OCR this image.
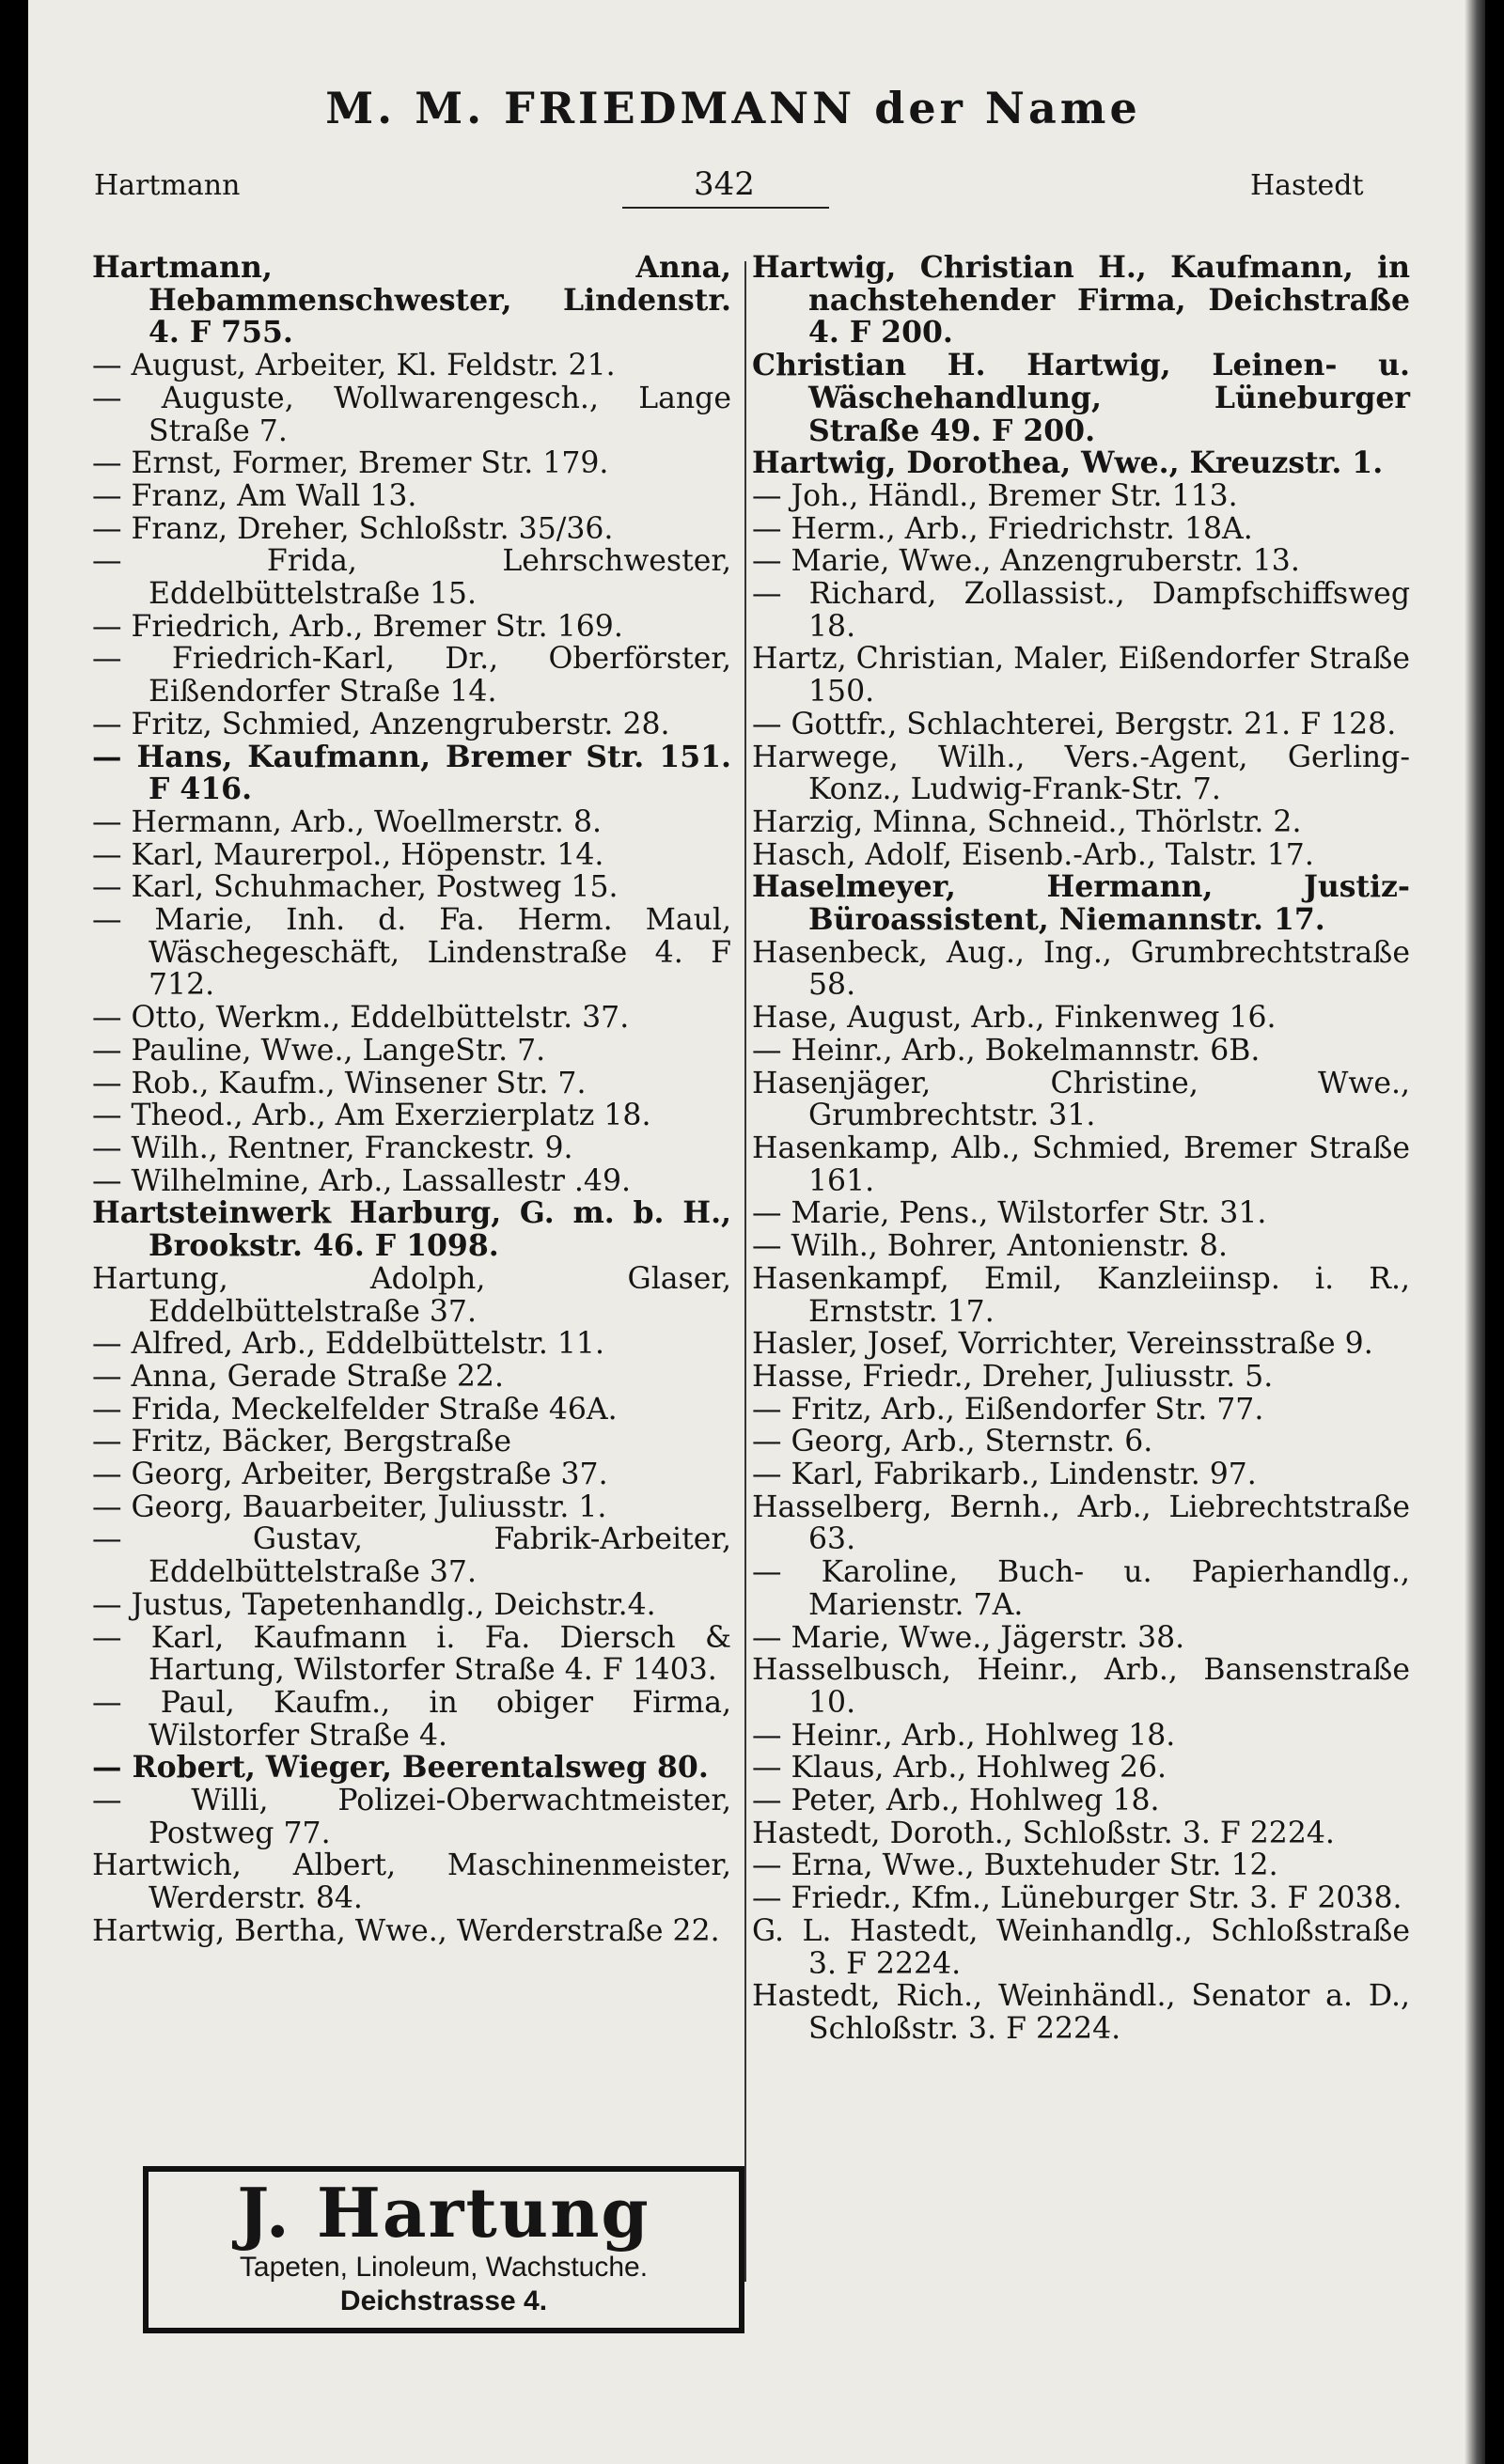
M. M. FRIEDMANN der Name
Hartmann	342	Hastedt
Hartmann, Anna, Hebammenschwester, Lindenstr. 4. F 755.
— August, Arbeiter, Kl. Feldstr. 21.
— Auguste, Wollwarengesch., Lange Straße 7.
— Ernst, Former, Bremer Str. 179.
— Franz, Am Wall 13.
— Franz, Dreher, Schloßstr. 35/36.
— Frida, Lehrschwester, Eddelbüttelstraße 15.
— Friedrich, Arb., Bremer Str. 169.
— Friedrich-Karl, Dr., Oberförster, Eißendorfer Straße 14.
— Fritz, Schmied, Anzengruberstr. 28.
— Hans, Kaufmann, Bremer Str. 151. F 416.
— Hermann, Arb., Woellmerstr. 8.
— Karl, Maurerpol., Höpenstr. 14.
— Karl, Schuhmacher, Postweg 15.
— Marie, Inh. d. Fa. Herm. Maul, Wäschegeschäft, Lindenstraße 4. F 712.
— Otto, Werkm., Eddelbüttelstr. 37.
— Pauline, Wwe., LangeStr. 7.
— Rob., Kaufm., Winsener Str. 7.
— Theod., Arb., Am Exerzierplatz 18.
— Wilh., Rentner, Franckestr. 9.
— Wilhelmine, Arb., Lassallestr .49.
Hartsteinwerk Harburg, G. m. b. H., Brookstr. 46. F 1098.
Hartung, Adolph, Glaser, Eddelbüttelstraße 37.
— Alfred, Arb., Eddelbüttelstr. 11.
— Anna, Gerade Straße 22.
— Frida, Meckelfelder Straße 46A.
— Fritz, Bäcker, Bergstraße
— Georg, Arbeiter, Bergstraße 37.
— Georg, Bauarbeiter, Juliusstr. 1.
— Gustav, Fabrik-Arbeiter, Eddelbüttelstraße 37.
— Justus, Tapetenhandlg., Deichstr.4.
— Karl, Kaufmann i. Fa. Diersch & Hartung, Wilstorfer Straße 4. F 1403.
— Paul, Kaufm., in obiger Firma, Wilstorfer Straße 4.
— Robert, Wieger, Beerentalsweg 80.
— Willi, Polizei-Oberwachtmeister, Postweg 77.
Hartwich, Albert, Maschinenmeister, Werderstr. 84.
Hartwig, Bertha, Wwe., Werderstraße 22.
Hartwig, Christian H., Kaufmann, in nachstehender Firma, Deichstraße 4. F 200.
Christian H. Hartwig, Leinen- u. Wäschehandlung, Lüneburger Straße 49. F 200.
Hartwig, Dorothea, Wwe., Kreuzstr. 1.
— Joh., Händl., Bremer Str. 113.
— Herm., Arb., Friedrichstr. 18A.
— Marie, Wwe., Anzengruberstr. 13.
— Richard, Zollassist., Dampfschiffsweg 18.
Hartz, Christian, Maler, Eißendorfer Straße 150.
— Gottfr., Schlachterei, Bergstr. 21. F 128.
Harwege, Wilh., Vers.-Agent, Gerling-Konz., Ludwig-Frank-Str. 7.
Harzig, Minna, Schneid., Thörlstr. 2.
Hasch, Adolf, Eisenb.-Arb., Talstr. 17.
Haselmeyer, Hermann, Justiz-Büroassistent, Niemannstr. 17.
Hasenbeck, Aug., Ing., Grumbrechtstraße 58.
Hase, August, Arb., Finkenweg 16.
— Heinr., Arb., Bokelmannstr. 6B.
Hasenjäger, Christine, Wwe., Grumbrechtstr. 31.
Hasenkamp, Alb., Schmied, Bremer Straße 161.
— Marie, Pens., Wilstorfer Str. 31.
— Wilh., Bohrer, Antonienstr. 8.
Hasenkampf, Emil, Kanzleiinsp. i. R., Ernststr. 17.
Hasler, Josef, Vorrichter, Vereinsstraße 9.
Hasse, Friedr., Dreher, Juliusstr. 5.
— Fritz, Arb., Eißendorfer Str. 77.
— Georg, Arb., Sternstr. 6.
— Karl, Fabrikarb., Lindenstr. 97.
Hasselberg, Bernh., Arb., Liebrechtstraße 63.
— Karoline, Buch- u. Papierhandlg., Marienstr. 7A.
— Marie, Wwe., Jägerstr. 38.
Hasselbusch, Heinr., Arb., Bansenstraße 10.
— Heinr., Arb., Hohlweg 18.
— Klaus, Arb., Hohlweg 26.
— Peter, Arb., Hohlweg 18.
Hastedt, Doroth., Schloßstr. 3. F 2224.
— Erna, Wwe., Buxtehuder Str. 12.
— Friedr., Kfm., Lüneburger Str. 3. F 2038.
G. L. Hastedt, Weinhandlg., Schloßstraße 3. F 2224.
Hastedt, Rich., Weinhändl., Senator a. D., Schloßstr. 3. F 2224.
J. Hartung
Tapeten, Linoleum, Wachstuche.
Deichstrasse 4.
